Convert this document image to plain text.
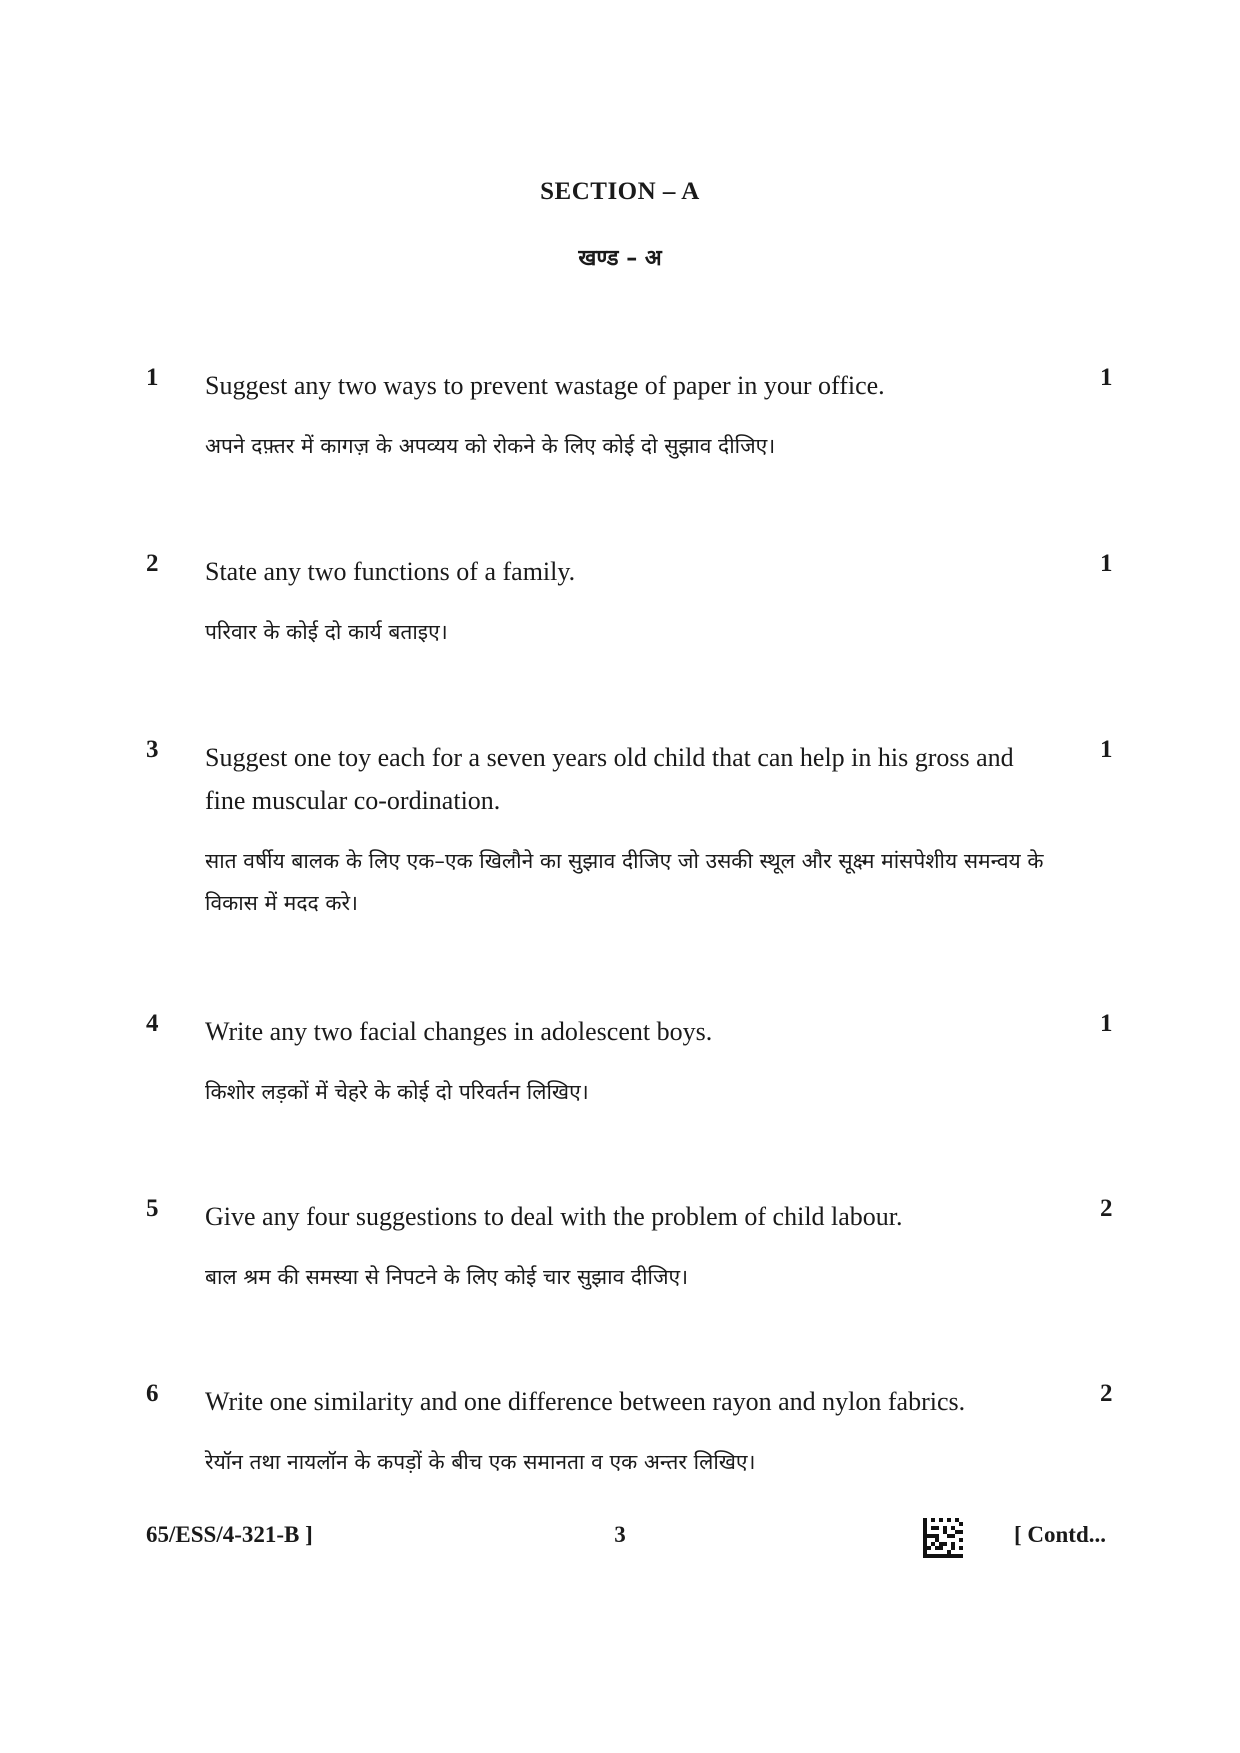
SECTION – A
खण्ड – अ
1 Suggest any two ways to prevent wastage of paper in your office.
अपने दफ़्तर में कागज़ के अपव्यय को रोकने के लिए कोई दो सुझाव दीजिए।
1
2 State any two functions of a family.
परिवार के कोई दो कार्य बताइए।
1
3 Suggest one toy each for a seven years old child that can help in his gross and fine muscular co-ordination.
सात वर्षीय बालक के लिए एक–एक खिलौने का सुझाव दीजिए जो उसकी स्थूल और सूक्ष्म मांसपेशीय समन्वय के विकास में मदद करे।
1
4 Write any two facial changes in adolescent boys.
किशोर लड़कों में चेहरे के कोई दो परिवर्तन लिखिए।
1
5 Give any four suggestions to deal with the problem of child labour.
बाल श्रम की समस्या से निपटने के लिए कोई चार सुझाव दीजिए।
2
6 Write one similarity and one difference between rayon and nylon fabrics.
रेयॉन तथा नायलॉन के कपड़ों के बीच एक समानता व एक अन्तर लिखिए।
2
65/ESS/4-321-B ]	3	[ Contd...
